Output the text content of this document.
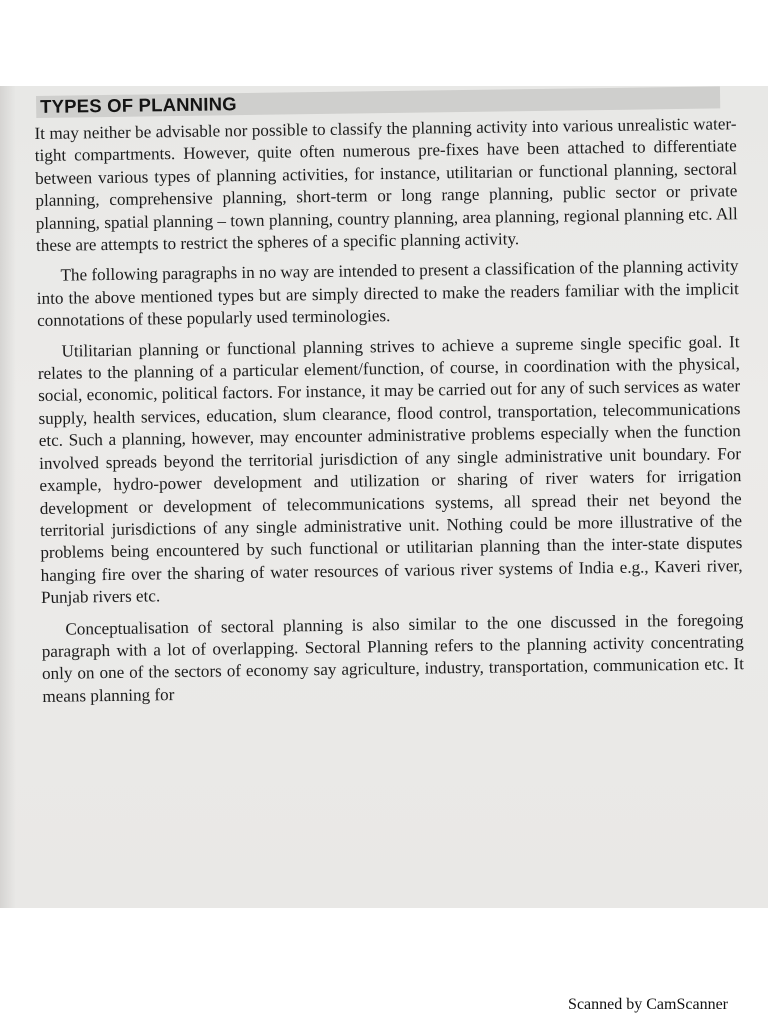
TYPES OF PLANNING

It may neither be advisable nor possible to classify the planning activity into various unrealistic water-tight compartments. However, quite often numerous pre-fixes have been attached to differentiate between various types of planning activities, for instance, utilitarian or functional planning, sectoral planning, comprehensive planning, short-term or long range planning, public sector or private planning, spatial planning – town planning, country planning, area planning, regional planning etc. All these are attempts to restrict the spheres of a specific planning activity.

The following paragraphs in no way are intended to present a classification of the planning activity into the above mentioned types but are simply directed to make the readers familiar with the implicit connotations of these popularly used terminologies.

Utilitarian planning or functional planning strives to achieve a supreme single specific goal. It relates to the planning of a particular element/function, of course, in coordination with the physical, social, economic, political factors. For instance, it may be carried out for any of such services as water supply, health services, education, slum clearance, flood control, transportation, telecommunications etc. Such a planning, however, may encounter administrative problems especially when the function involved spreads beyond the territorial jurisdiction of any single administrative unit boundary. For example, hydro-power development and utilization or sharing of river waters for irrigation development or development of telecommunications systems, all spread their net beyond the territorial jurisdictions of any single administrative unit. Nothing could be more illustrative of the problems being encountered by such functional or utilitarian planning than the inter-state disputes hanging fire over the sharing of water resources of various river systems of India e.g., Kaveri river, Punjab rivers etc.

Conceptualisation of sectoral planning is also similar to the one discussed in the foregoing paragraph with a lot of overlapping. Sectoral Planning refers to the planning activity concentrating only on one of the sectors of economy say agriculture, industry, transportation, communication etc. It means planning for

Scanned by CamScanner
